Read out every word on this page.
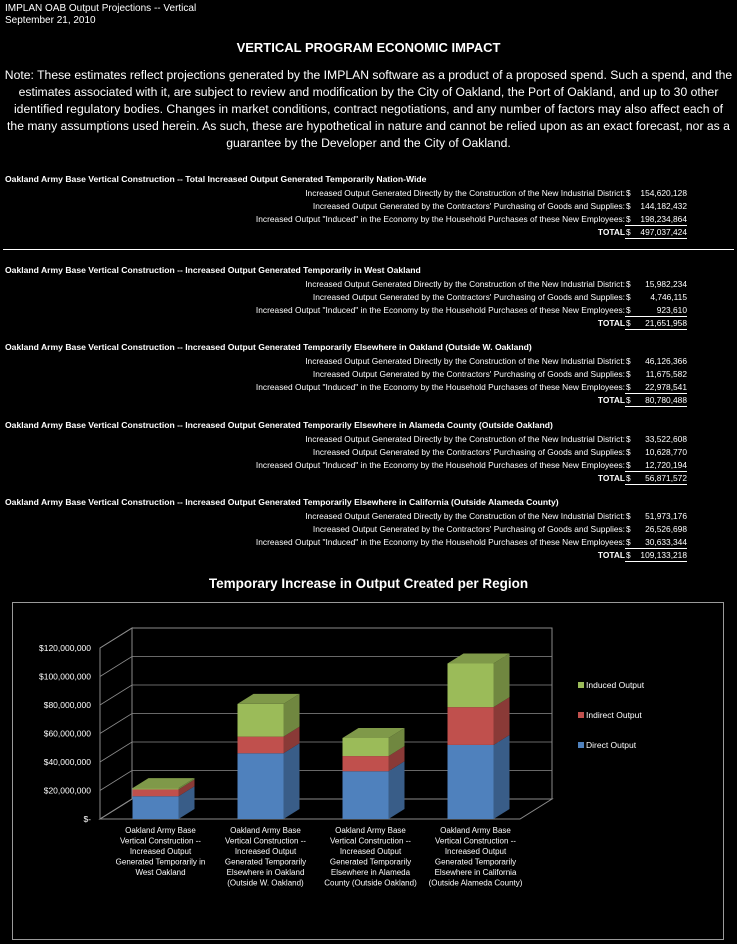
IMPLAN OAB Output Projections -- Vertical
September 21, 2010
VERTICAL PROGRAM ECONOMIC IMPACT
Note: These estimates reflect projections generated by the IMPLAN software as a product of a proposed spend. Such a spend, and the estimates associated with it, are subject to review and modification by the City of Oakland, the Port of Oakland, and up to 30 other identified regulatory bodies. Changes in market conditions, contract negotiations, and any number of factors may also affect each of the many assumptions used herein. As such, these are hypothetical in nature and cannot be relied upon as an exact forecast, nor as a guarantee by the Developer and the City of Oakland.
Oakland Army Base Vertical Construction -- Total Increased Output Generated Temporarily Nation-Wide
Increased Output Generated Directly by the Construction of the New Industrial District: $ 154,620,128
Increased Output Generated by the Contractors' Purchasing of Goods and Supplies: $ 144,182,432
Increased Output "Induced" in the Economy by the Household Purchases of these New Employees: $ 198,234,864
TOTAL $ 497,037,424
Oakland Army Base Vertical Construction -- Increased Output Generated Temporarily in West Oakland
Increased Output Generated Directly by the Construction of the New Industrial District: $ 15,982,234
Increased Output Generated by the Contractors' Purchasing of Goods and Supplies: $ 4,746,115
Increased Output "Induced" in the Economy by the Household Purchases of these New Employees: $	923,610
TOTAL $ 21,651,958
Oakland Army Base Vertical Construction -- Increased Output Generated Temporarily Elsewhere in Oakland (Outside W. Oakland)
Increased Output Generated Directly by the Construction of the New Industrial District: $ 46,126,366
Increased Output Generated by the Contractors' Purchasing of Goods and Supplies: $ 11,675,582
Increased Output "Induced" in the Economy by the Household Purchases of these New Employees: $ 22,978,541
TOTAL $ 80,780,488
Oakland Army Base Vertical Construction -- Increased Output Generated Temporarily Elsewhere in Alameda County (Outside Oakland)
Increased Output Generated Directly by the Construction of the New Industrial District: $ 33,522,608
Increased Output Generated by the Contractors' Purchasing of Goods and Supplies: $ 10,628,770
Increased Output "Induced" in the Economy by the Household Purchases of these New Employees: $ 12,720,194
TOTAL $ 56,871,572
Oakland Army Base Vertical Construction -- Increased Output Generated Temporarily Elsewhere in California (Outside Alameda County)
Increased Output Generated Directly by the Construction of the New Industrial District: $ 51,973,176
Increased Output Generated by the Contractors' Purchasing of Goods and Supplies: $ 26,526,698
Increased Output "Induced" in the Economy by the Household Purchases of these New Employees: $ 30,633,344
TOTAL $ 109,133,218
Temporary Increase in Output Created per Region
$-
$20,000,000
$40,000,000
$60,000,000
$80,000,000
$100,000,000
$120,000,000
Oakland Army Base Vertical Construction --Increased Output Generated Temporarily in West Oakland
Oakland Army Base Vertical Construction --Increased Output Generated Temporarily Elsewhere in Oakland (Outside W. Oakland)
Oakland Army Base Vertical Construction --Increased Output Generated Temporarily Elsewhere in Alameda County (Outside Oakland)
Oakland Army Base Vertical Construction --Increased Output Generated Temporarily Elsewhere in California (Outside Alameda County)
Induced Output
Indirect Output
Direct Output
